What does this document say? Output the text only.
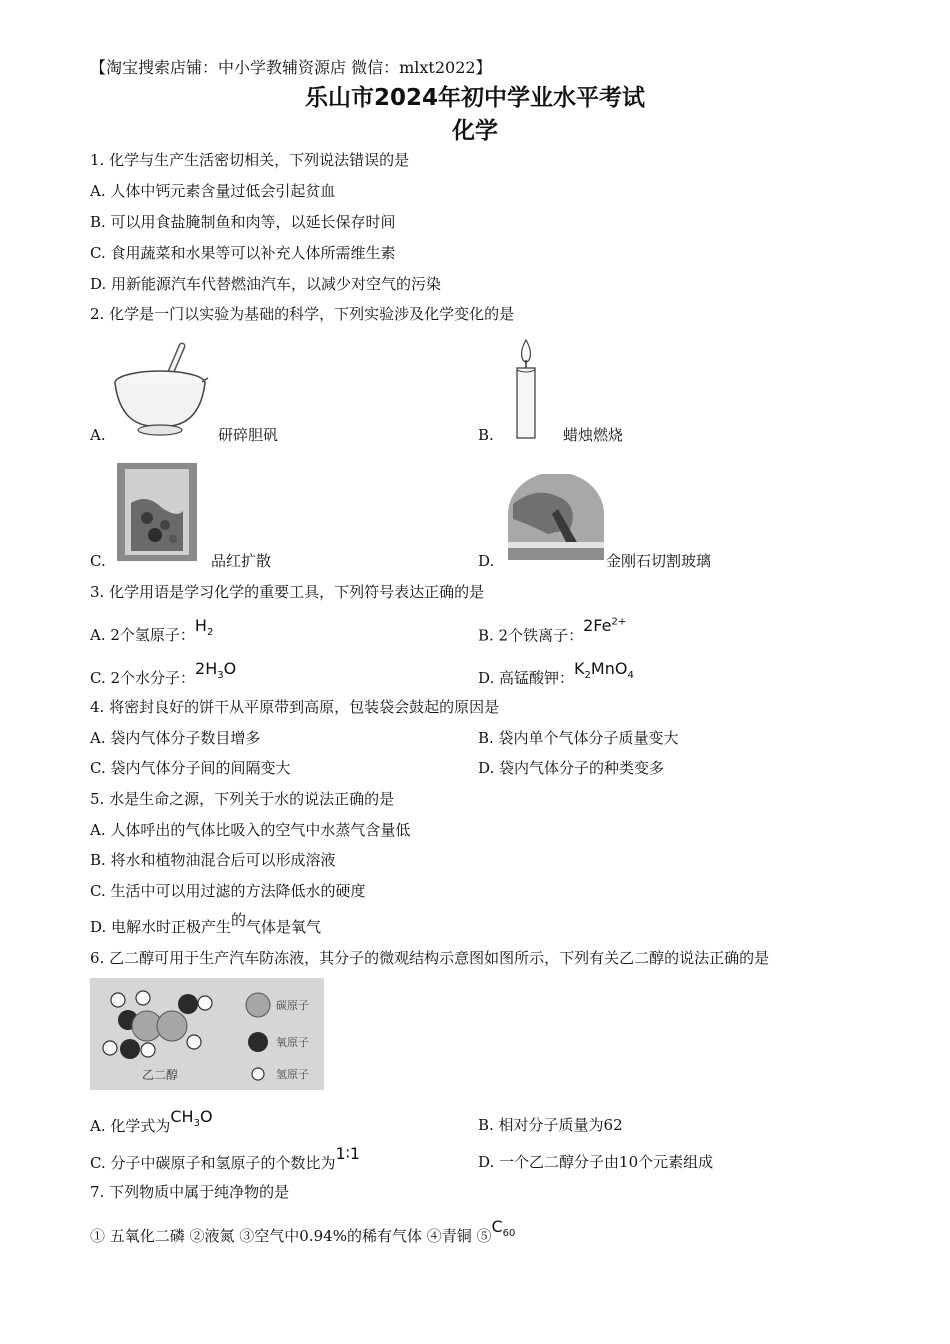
【淘宝搜索店铺：中小学教辅资源店 微信：mlxt2022】
乐山市2024年初中学业水平考试
化学
1. 化学与生产生活密切相关，下列说法错误的是
A. 人体中钙元素含量过低会引起贫血
B. 可以用食盐腌制鱼和肉等，以延长保存时间
C. 食用蔬菜和水果等可以补充人体所需维生素
D. 用新能源汽车代替燃油汽车，以减少对空气的污染
2. 化学是一门以实验为基础的科学，下列实验涉及化学变化的是
A.	研碎胆矾	B.	蜡烛燃烧
C.	品红扩散	D.	金刚石切割玻璃
3. 化学用语是学习化学的重要工具，下列符号表达正确的是
A. 2个氢原子：$H_2$	B. 2个铁离子：$2Fe^{2+}$
C. 2个水分子：$2H_3O$	D. 高锰酸钾：$K_2MnO_4$
4. 将密封良好的饼干从平原带到高原，包装袋会鼓起的原因是
A. 袋内气体分子数目增多	B. 袋内单个气体分子质量变大
C. 袋内气体分子间的间隔变大	D. 袋内气体分子的种类变多
5. 水是生命之源，下列关于水的说法正确的是
A. 人体呼出的气体比吸入的空气中水蒸气含量低
B. 将水和植物油混合后可以形成溶液
C. 生活中可以用过滤的方法降低水的硬度
D. 电解水时正极产生的气体是氧气
6. 乙二醇可用于生产汽车防冻液，其分子的微观结构示意图如图所示，下列有关乙二醇的说法正确的是
乙二醇
碳原子
氧原子
氢原子
A. 化学式为$CH_3O$	B. 相对分子质量为62
C. 分子中碳原子和氢原子的个数比为1∶1	D. 一个乙二醇分子由10个元素组成
7. 下列物质中属于纯净物的是
① 五氧化二磷 ②液氮 ③空气中0.94%的稀有气体 ④青铜 $⑤C_{60}$
